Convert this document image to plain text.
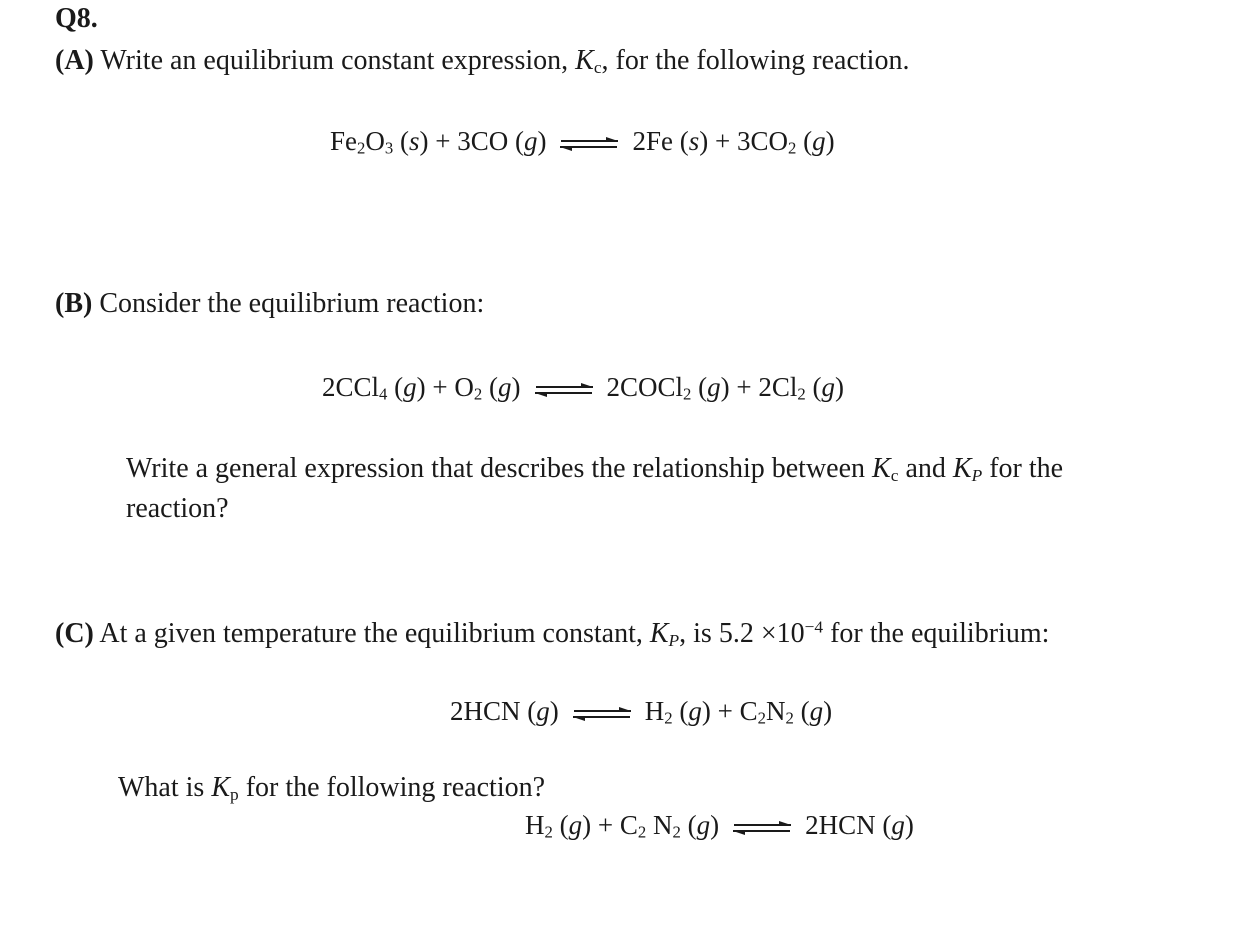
Q8.
(A) Write an equilibrium constant expression, $K_c$, for the following reaction.
$Fe_2O_3$ (s) + 3CO (g) ⇌ 2Fe $(s) + 3CO_2$ (g)
(B) Consider the equilibrium reaction:
2CCl$_4$ $(g) + O_2$ (g) ⇌ 2COCl$_2$ $(g) + 2Cl_2$ (g)
Write a general expression that describes the relationship between $K_c$ and $K_P$ for the
reaction?
(C) At a given temperature the equilibrium constant, $K_P$, is $5.2 \times 10^{-4}$ for the equilibrium:
2HCN (g) ⇌ $H_2$ $(g) + C_2N_2$ (g)
What is $K_p$ for the following reaction?
$H_2$ $(g) + C_2$ $N_2$ (g) ⇌ 2HCN (g)
